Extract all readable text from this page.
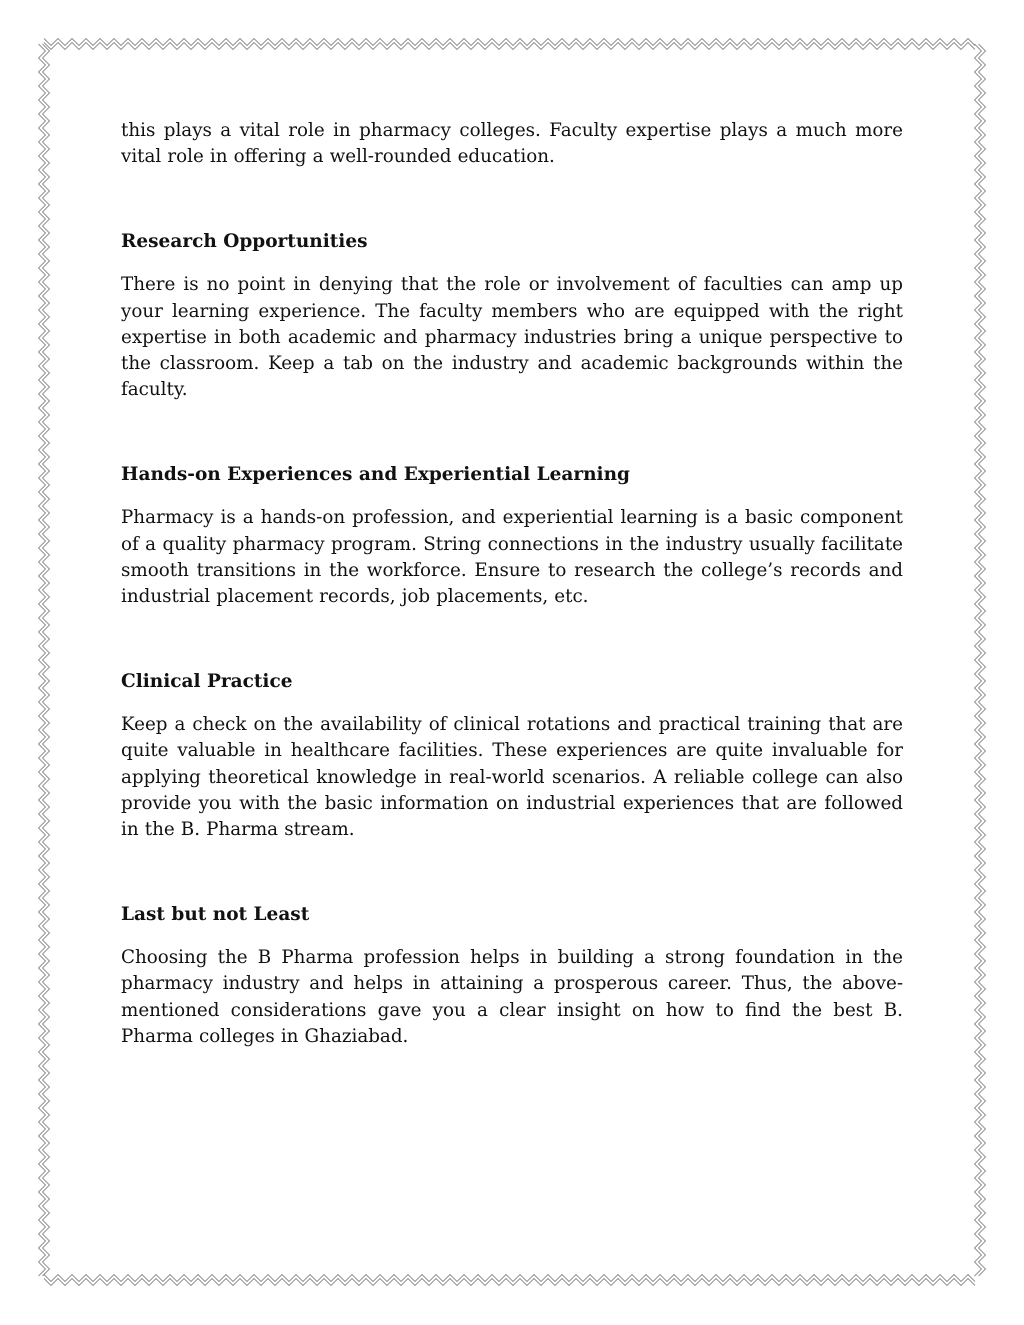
this plays a vital role in pharmacy colleges. Faculty expertise plays a much more vital role in offering a well-rounded education.

Research Opportunities

There is no point in denying that the role or involvement of faculties can amp up your learning experience. The faculty members who are equipped with the right expertise in both academic and pharmacy industries bring a unique perspective to the classroom. Keep a tab on the industry and academic backgrounds within the faculty.

Hands-on Experiences and Experiential Learning

Pharmacy is a hands-on profession, and experiential learning is a basic component of a quality pharmacy program. String connections in the industry usually facilitate smooth transitions in the workforce. Ensure to research the college’s records and industrial placement records, job placements, etc.

Clinical Practice

Keep a check on the availability of clinical rotations and practical training that are quite valuable in healthcare facilities. These experiences are quite invaluable for applying theoretical knowledge in real-world scenarios. A reliable college can also provide you with the basic information on industrial experiences that are followed in the B. Pharma stream.

Last but not Least

Choosing the B Pharma profession helps in building a strong foundation in the pharmacy industry and helps in attaining a prosperous career. Thus, the above-mentioned considerations gave you a clear insight on how to find the best B. Pharma colleges in Ghaziabad.
